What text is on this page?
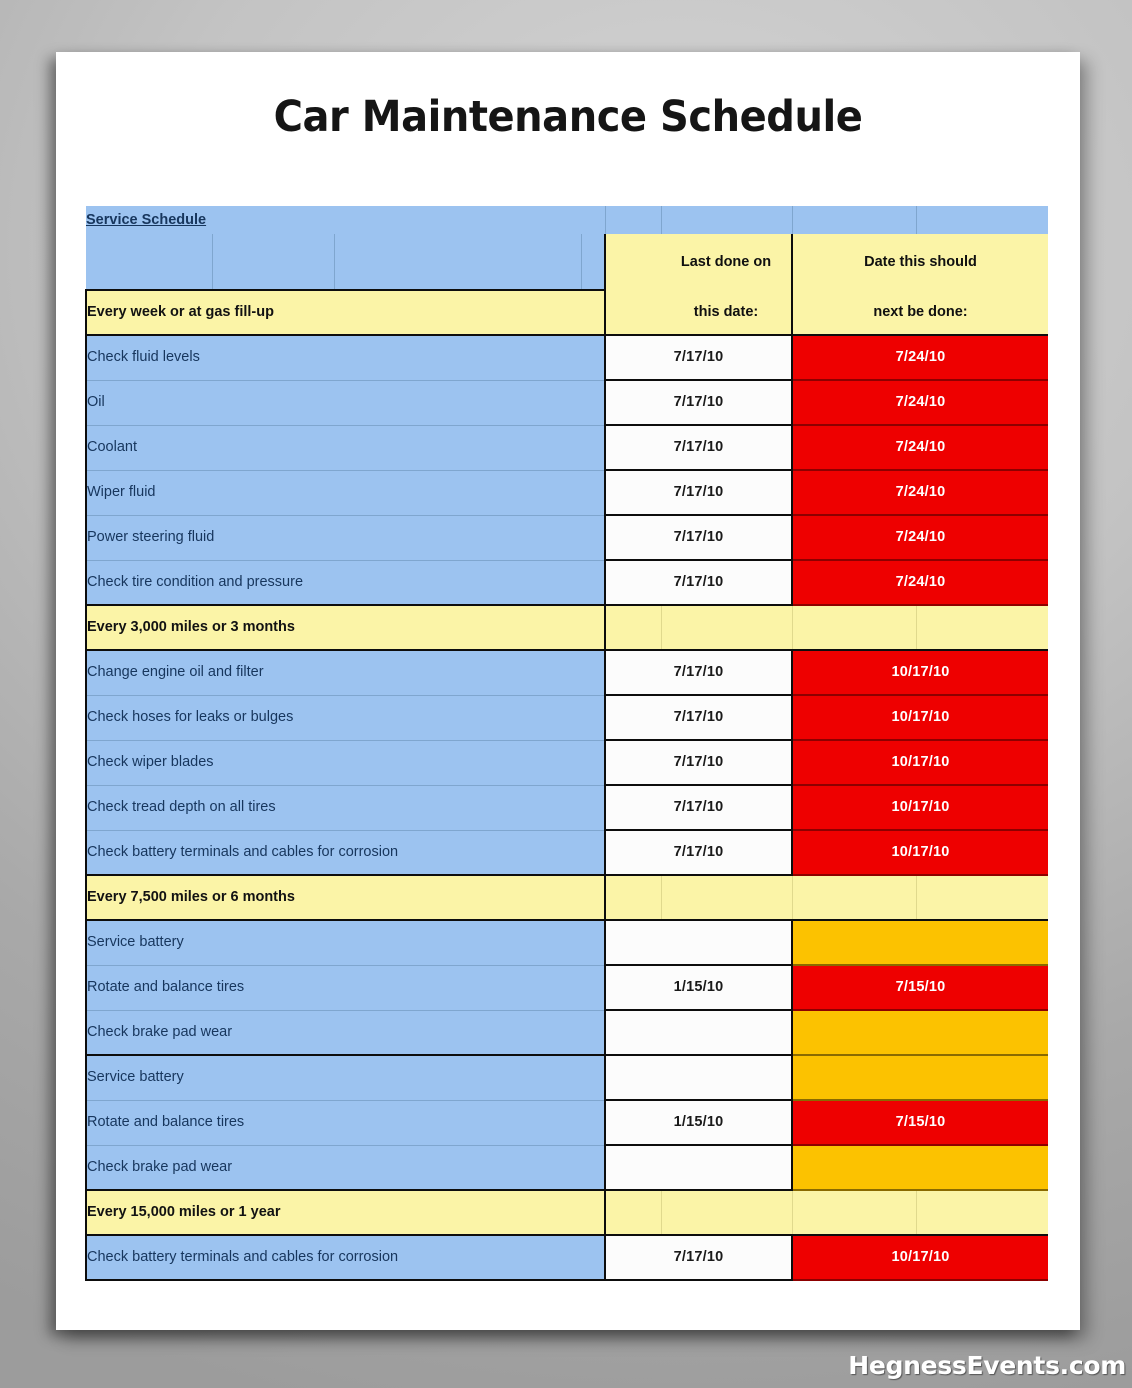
Car Maintenance Schedule
Service Schedule							
					Last done on	Date this should	
Every week or at gas fill-up					this date:	next be done:	
Check fluid levels				7/17/10		7/24/10	
Oil				7/17/10		7/24/10	
Coolant				7/17/10		7/24/10	
Wiper fluid				7/17/10		7/24/10	
Power steering fluid				7/17/10		7/24/10	
Check tire condition and pressure				7/17/10		7/24/10	
Every 3,000 miles or 3 months							
Change engine oil and filter				7/17/10		10/17/10	
Check hoses for leaks or bulges				7/17/10		10/17/10	
Check wiper blades				7/17/10		10/17/10	
Check tread depth on all tires				7/17/10		10/17/10	
Check battery terminals and cables for corrosion				7/17/10		10/17/10	
Every 7,500 miles or 6 months							
Service battery							
Rotate and balance tires				1/15/10		7/15/10	
Check brake pad wear							
Service battery							
Rotate and balance tires				1/15/10		7/15/10	
Check brake pad wear							
Every 15,000 miles or 1 year							
Check battery terminals and cables for corrosion				7/17/10		10/17/10	
HegnessEvents.com
